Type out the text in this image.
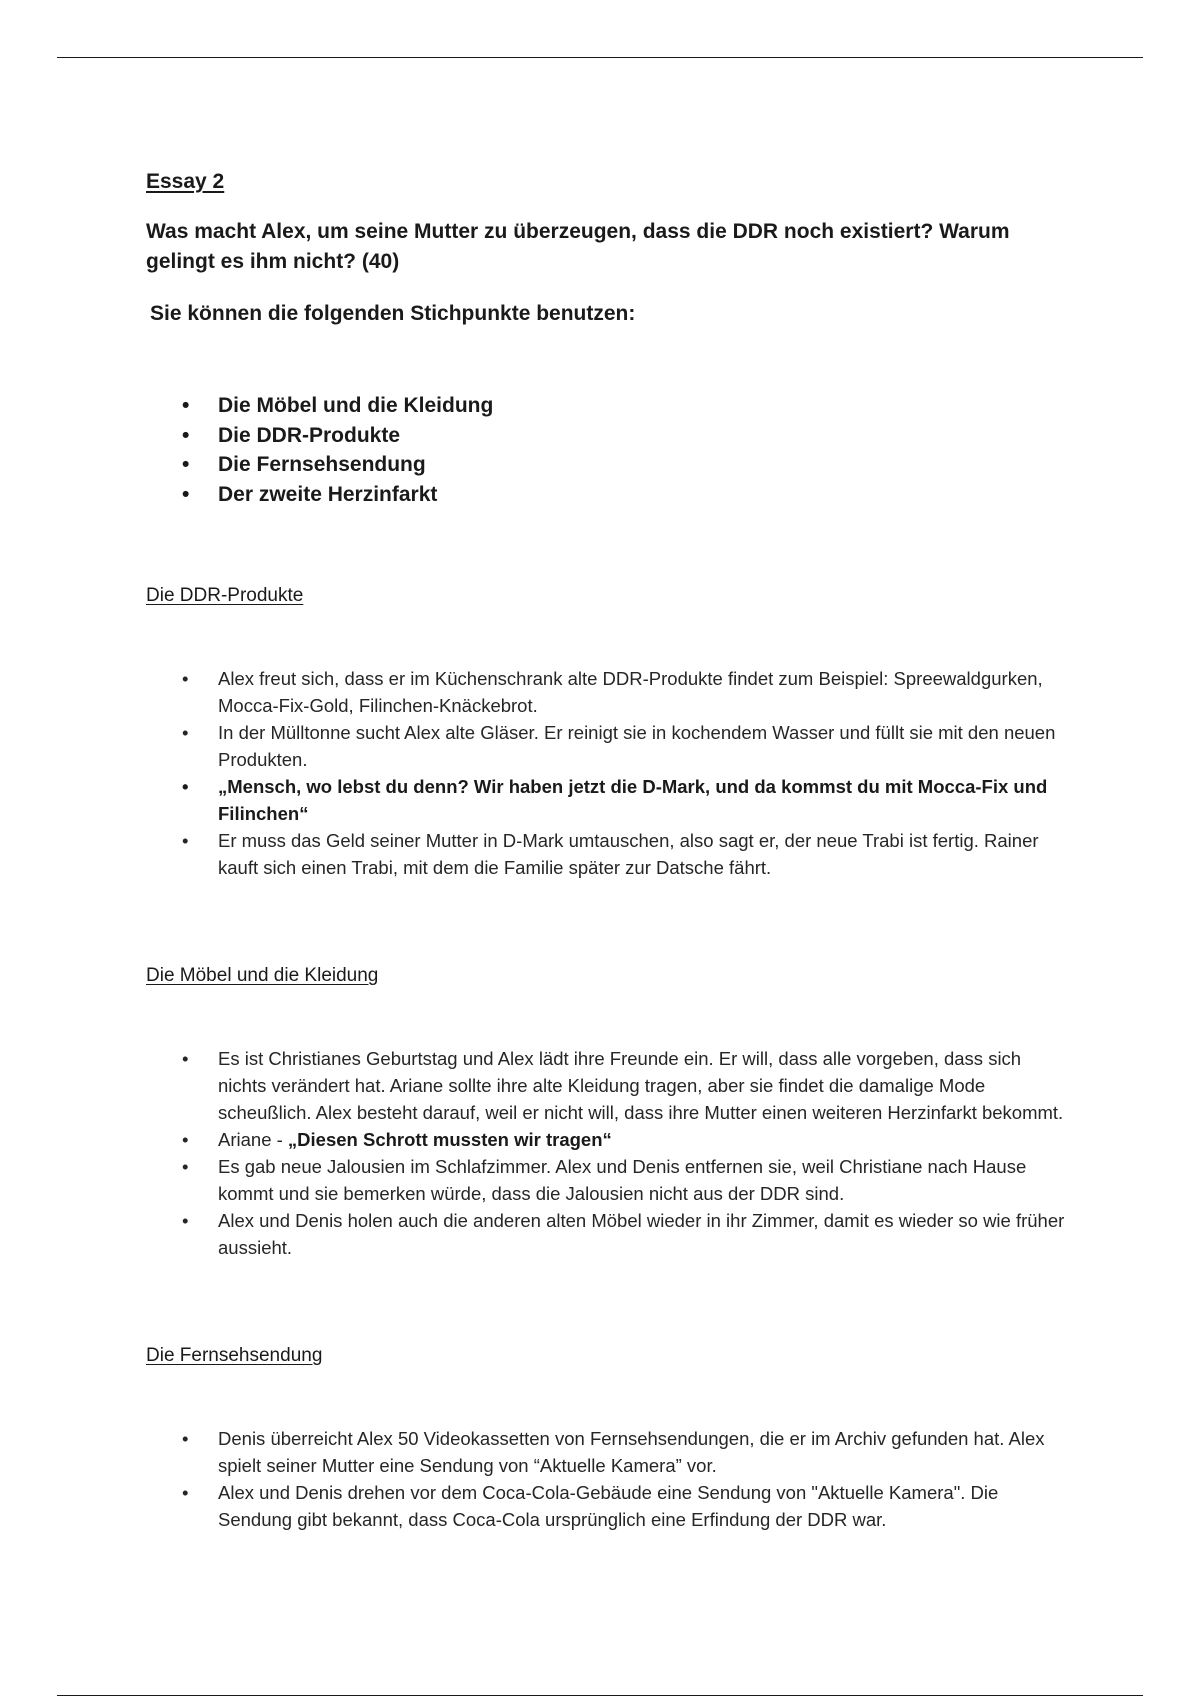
Essay 2

Was macht Alex, um seine Mutter zu überzeugen, dass die DDR noch existiert? Warum gelingt es ihm nicht? (40)

Sie können die folgenden Stichpunkte benutzen:

• Die Möbel und die Kleidung
• Die DDR-Produkte
• Die Fernsehsendung
• Der zweite Herzinfarkt

Die DDR-Produkte

• Alex freut sich, dass er im Küchenschrank alte DDR-Produkte findet zum Beispiel: Spreewaldgurken, Mocca-Fix-Gold, Filinchen-Knäckebrot.
• In der Mülltonne sucht Alex alte Gläser. Er reinigt sie in kochendem Wasser und füllt sie mit den neuen Produkten.
• „Mensch, wo lebst du denn? Wir haben jetzt die D-Mark, und da kommst du mit Mocca-Fix und Filinchen“
• Er muss das Geld seiner Mutter in D-Mark umtauschen, also sagt er, der neue Trabi ist fertig. Rainer kauft sich einen Trabi, mit dem die Familie später zur Datsche fährt.

Die Möbel und die Kleidung

• Es ist Christianes Geburtstag und Alex lädt ihre Freunde ein. Er will, dass alle vorgeben, dass sich nichts verändert hat. Ariane sollte ihre alte Kleidung tragen, aber sie findet die damalige Mode scheußlich. Alex besteht darauf, weil er nicht will, dass ihre Mutter einen weiteren Herzinfarkt bekommt.
• Ariane - „Diesen Schrott mussten wir tragen“
• Es gab neue Jalousien im Schlafzimmer. Alex und Denis entfernen sie, weil Christiane nach Hause kommt und sie bemerken würde, dass die Jalousien nicht aus der DDR sind.
• Alex und Denis holen auch die anderen alten Möbel wieder in ihr Zimmer, damit es wieder so wie früher aussieht.

Die Fernsehsendung

• Denis überreicht Alex 50 Videokassetten von Fernsehsendungen, die er im Archiv gefunden hat. Alex spielt seiner Mutter eine Sendung von “Aktuelle Kamera” vor.
• Alex und Denis drehen vor dem Coca-Cola-Gebäude eine Sendung von "Aktuelle Kamera". Die Sendung gibt bekannt, dass Coca-Cola ursprünglich eine Erfindung der DDR war.
